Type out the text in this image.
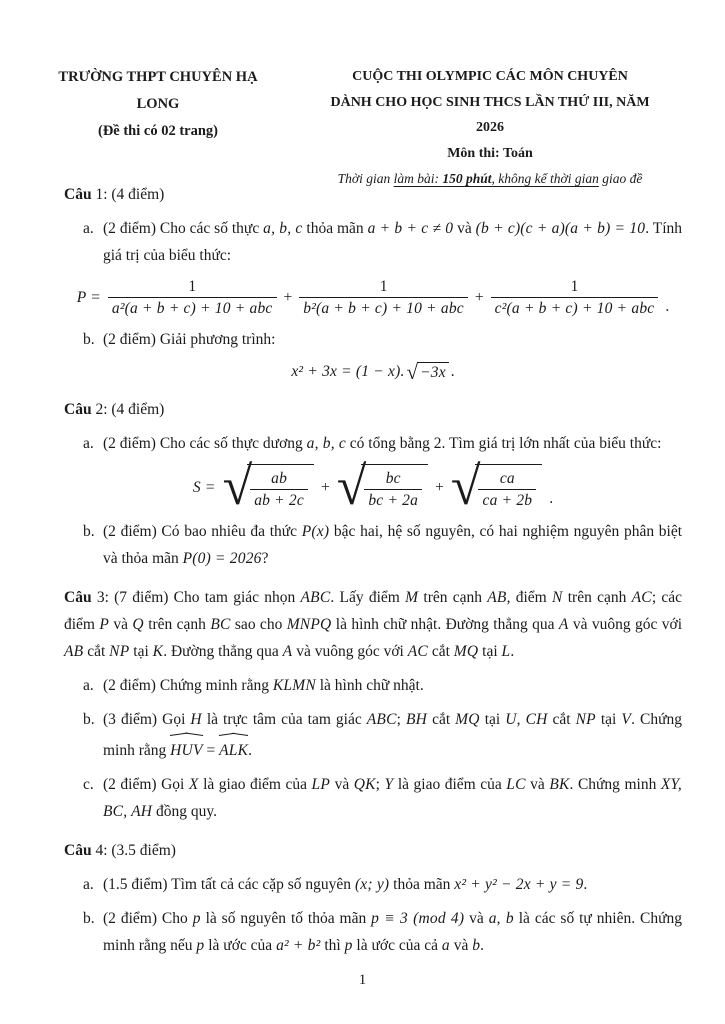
TRƯỜNG THPT CHUYÊN HẠ LONG
(Đề thi có 02 trang)
CUỘC THI OLYMPIC CÁC MÔN CHUYÊN
DÀNH CHO HỌC SINH THCS LẦN THỨ III, NĂM 2026
Môn thi: Toán
Thời gian làm bài: 150 phút, không kể thời gian giao đề
Câu 1: (4 điểm)
a. (2 điểm) Cho các số thực a, b, c thỏa mãn a + b + c ≠ 0 và (b + c)(c + a)(a + b) = 10. Tính giá trị của biểu thức:
$P = \frac{1}{\text{a²(a + b + c) + 10 + abc}} + \frac{1}{\text{b²(a + b + c) + 10 + abc}} + \frac{1}{\text{c²(a + b + c) + 10 + abc}}$ .
b. (2 điểm) Giải phương trình:
x² + 3x = (1 − x). √ −3x .
Câu 2: (4 điểm)
a. (2 điểm) Cho các số thực dương a, b, c có tổng bằng 2. Tìm giá trị lớn nhất của biểu thức:
S = √
$\frac{ab}{ab + 2c}$ + √
$\frac{bc}{bc + 2a}$ + √
$\frac{ca}{ca + 2b}$ .
b. (2 điểm) Có bao nhiêu đa thức P(x) bậc hai, hệ số nguyên, có hai nghiệm nguyên phân biệt và thỏa mãn P(0) = 2026?
Câu 3: (7 điểm) Cho tam giác nhọn ABC. Lấy điểm M trên cạnh AB, điểm N trên cạnh AC; các điểm P và Q trên cạnh BC sao cho MNPQ là hình chữ nhật. Đường thẳng qua A và vuông góc với AB cắt NP tại K. Đường thẳng qua A và vuông góc với AC cắt MQ tại L.
a. (2 điểm) Chứng minh rằng KLMN là hình chữ nhật.
b. (3 điểm) Gọi H là trực tâm của tam giác ABC; BH cắt MQ tại U, CH cắt NP tại V. Chứng minh rằng HUV = ALK.
c. (2 điểm) Gọi X là giao điểm của LP và QK; Y là giao điểm của LC và BK. Chứng minh XY, BC, AH đồng quy.
Câu 4: (3.5 điểm)
a. (1.5 điểm) Tìm tất cả các cặp số nguyên (x; y) thỏa mãn x² + y² − 2x + y = 9.
b. (2 điểm) Cho p là số nguyên tố thỏa mãn p ≡ 3 (mod 4) và a, b là các số tự nhiên. Chứng minh rằng nếu p là ước của a² + b² thì p là ước của cả a và b.
1
